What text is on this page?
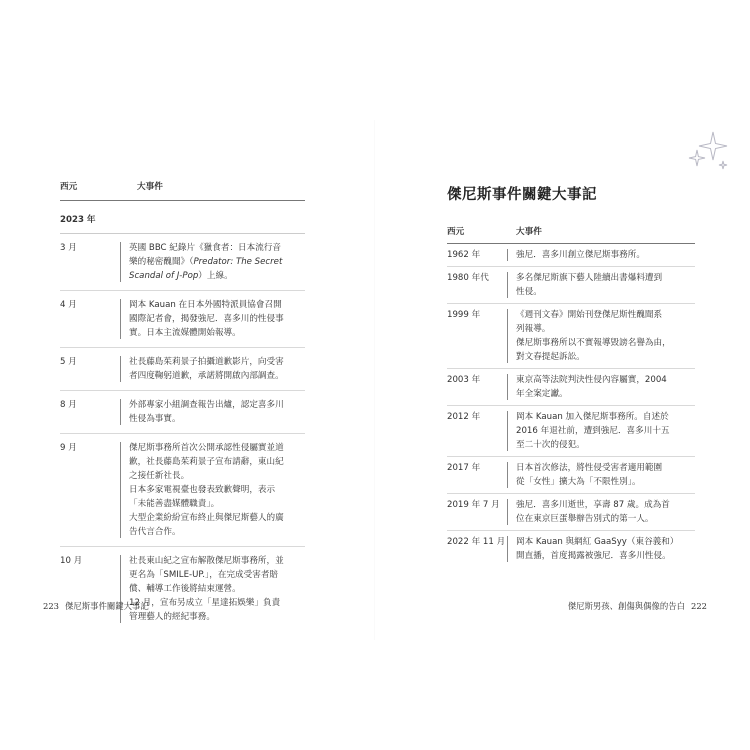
西元	大事件
2023 年
3 月	英國 BBC 紀錄片《獵食者：日本流行音

樂的秘密醜聞》（Predator: The Secret

Scandal of J-Pop）上線。

4 月	岡本 Kauan 在日本外國特派員協會召開

國際記者會，揭發強尼．喜多川的性侵事

實。日本主流媒體開始報導。

5 月	社長藤島茱莉景子拍攝道歉影片，向受害

者四度鞠躬道歉，承諾將開啟內部調查。

8 月	外部專家小組調查報告出爐，認定喜多川

性侵為事實。

9 月	傑尼斯事務所首次公開承認性侵屬實並道

歉，社長藤島茱莉景子宣布請辭，東山紀

之接任新社長。

日本多家電視臺也發表致歉聲明，表示

「未能善盡媒體職責」。

大型企業紛紛宣布終止與傑尼斯藝人的廣

告代言合作。

10 月	社長東山紀之宣布解散傑尼斯事務所，並

更名為「SMILE-UP.」，在完成受害者賠

償、輔導工作後將結束運營。

12 月，宣布另成立「星達拓娛樂」負責

管理藝人的經紀事務。

223 傑尼斯事件關鍵大事記
傑尼斯事件關鍵大事記
西元	大事件
1962 年	強尼．喜多川創立傑尼斯事務所。

1980 年代	多名傑尼斯旗下藝人陸續出書爆料遭到

性侵。

1999 年	《週刊文春》開始刊登傑尼斯性醜聞系

列報導。

傑尼斯事務所以不實報導毀謗名譽為由，

對文春提起訴訟。

2003 年	東京高等法院判決性侵內容屬實，2004

年全案定讞。

2012 年	岡本 Kauan 加入傑尼斯事務所。自述於

2016 年退社前，遭到強尼．喜多川十五

至二十次的侵犯。

2017 年	日本首次修法，將性侵受害者適用範圍

從「女性」擴大為「不限性別」。

2019 年 7 月	強尼．喜多川逝世，享壽 87 歲。成為首

位在東京巨蛋舉辦告別式的第一人。

2022 年 11 月 岡本 Kauan 與網紅 GaaSyy（東谷義和）

開直播，首度揭露被強尼．喜多川性侵。

傑尼斯男孩、創傷與偶像的告白 222
